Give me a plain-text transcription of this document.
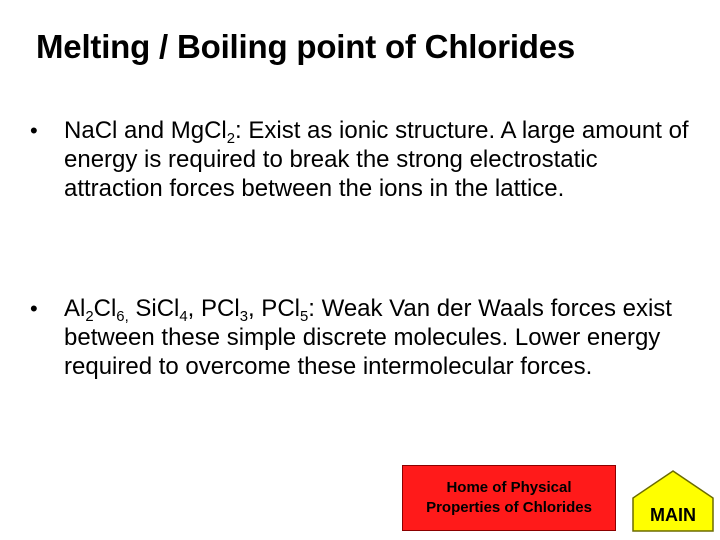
Melting / Boiling point of Chlorides
•	NaCl and MgCl$_2$: Exist as ionic structure. A large amount of energy is required to break the strong electrostatic attraction forces between the ions in the lattice.
•	$Al_2Cl_{6,}$ SiCl$_4$, PCl$_3$, PCl$_5$: Weak Van der Waals forces exist between these simple discrete molecules. Lower energy required to overcome these intermolecular forces.
Home of Physical
Properties of Chlorides	MAIN
